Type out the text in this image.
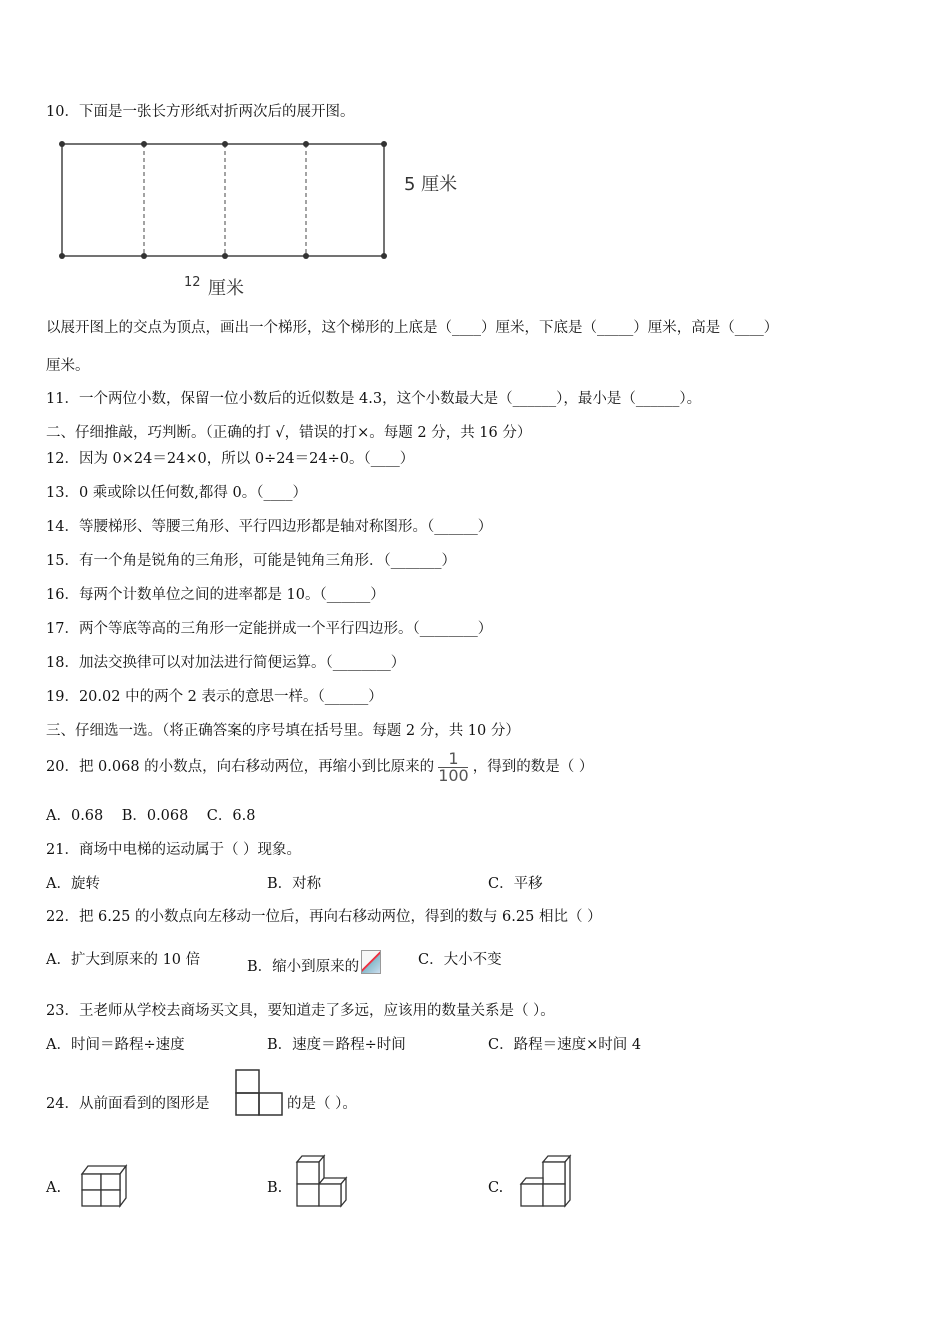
10．下面是一张长方形纸对折两次后的展开图。
5 厘米
12 厘米
以展开图上的交点为顶点，画出一个梯形，这个梯形的上底是（____）厘米，下底是（_____）厘米，高是（____）
厘米。
11．一个两位小数，保留一位小数后的近似数是 4.3，这个小数最大是（______），最小是（______）。
二、仔细推敲，巧判断。（正确的打 √，错误的打×。每题 2 分，共 16 分）
12．因为 0×24＝24×0，所以 0÷24＝24÷0。（____）
13．0 乘或除以任何数,都得 0。（____）
14．等腰梯形、等腰三角形、平行四边形都是轴对称图形。（______）
15．有一个角是锐角的三角形，可能是钝角三角形．（_______）
16．每两个计数单位之间的进率都是 10。（______）
17．两个等底等高的三角形一定能拼成一个平行四边形。（________）
18．加法交换律可以对加法进行简便运算。（________）
19．20.02 中的两个 2 表示的意思一样。（______）
三、仔细选一选。（将正确答案的序号填在括号里。每题 2 分，共 10 分）
20．把 0.068 的小数点，向右移动两位，再缩小到比原来的 $\frac{1}{100}$ ，得到的数是（ ）
A．0.68    B．0.068    C．6.8
21．商场中电梯的运动属于（ ）现象。
A．旋转	B．对称	C．平移
22．把 6.25 的小数点向左移动一位后，再向右移动两位，得到的数与 6.25 相比（ ）
A．扩大到原来的 10 倍	B．缩小到原来的	C．大小不变
23．王老师从学校去商场买文具，要知道走了多远，应该用的数量关系是（ ）。
A．时间＝路程÷速度	B．速度＝路程÷时间	C．路程＝速度×时间 4
24．从前面看到的图形是	的是（ ）。
A.	B.	C.
